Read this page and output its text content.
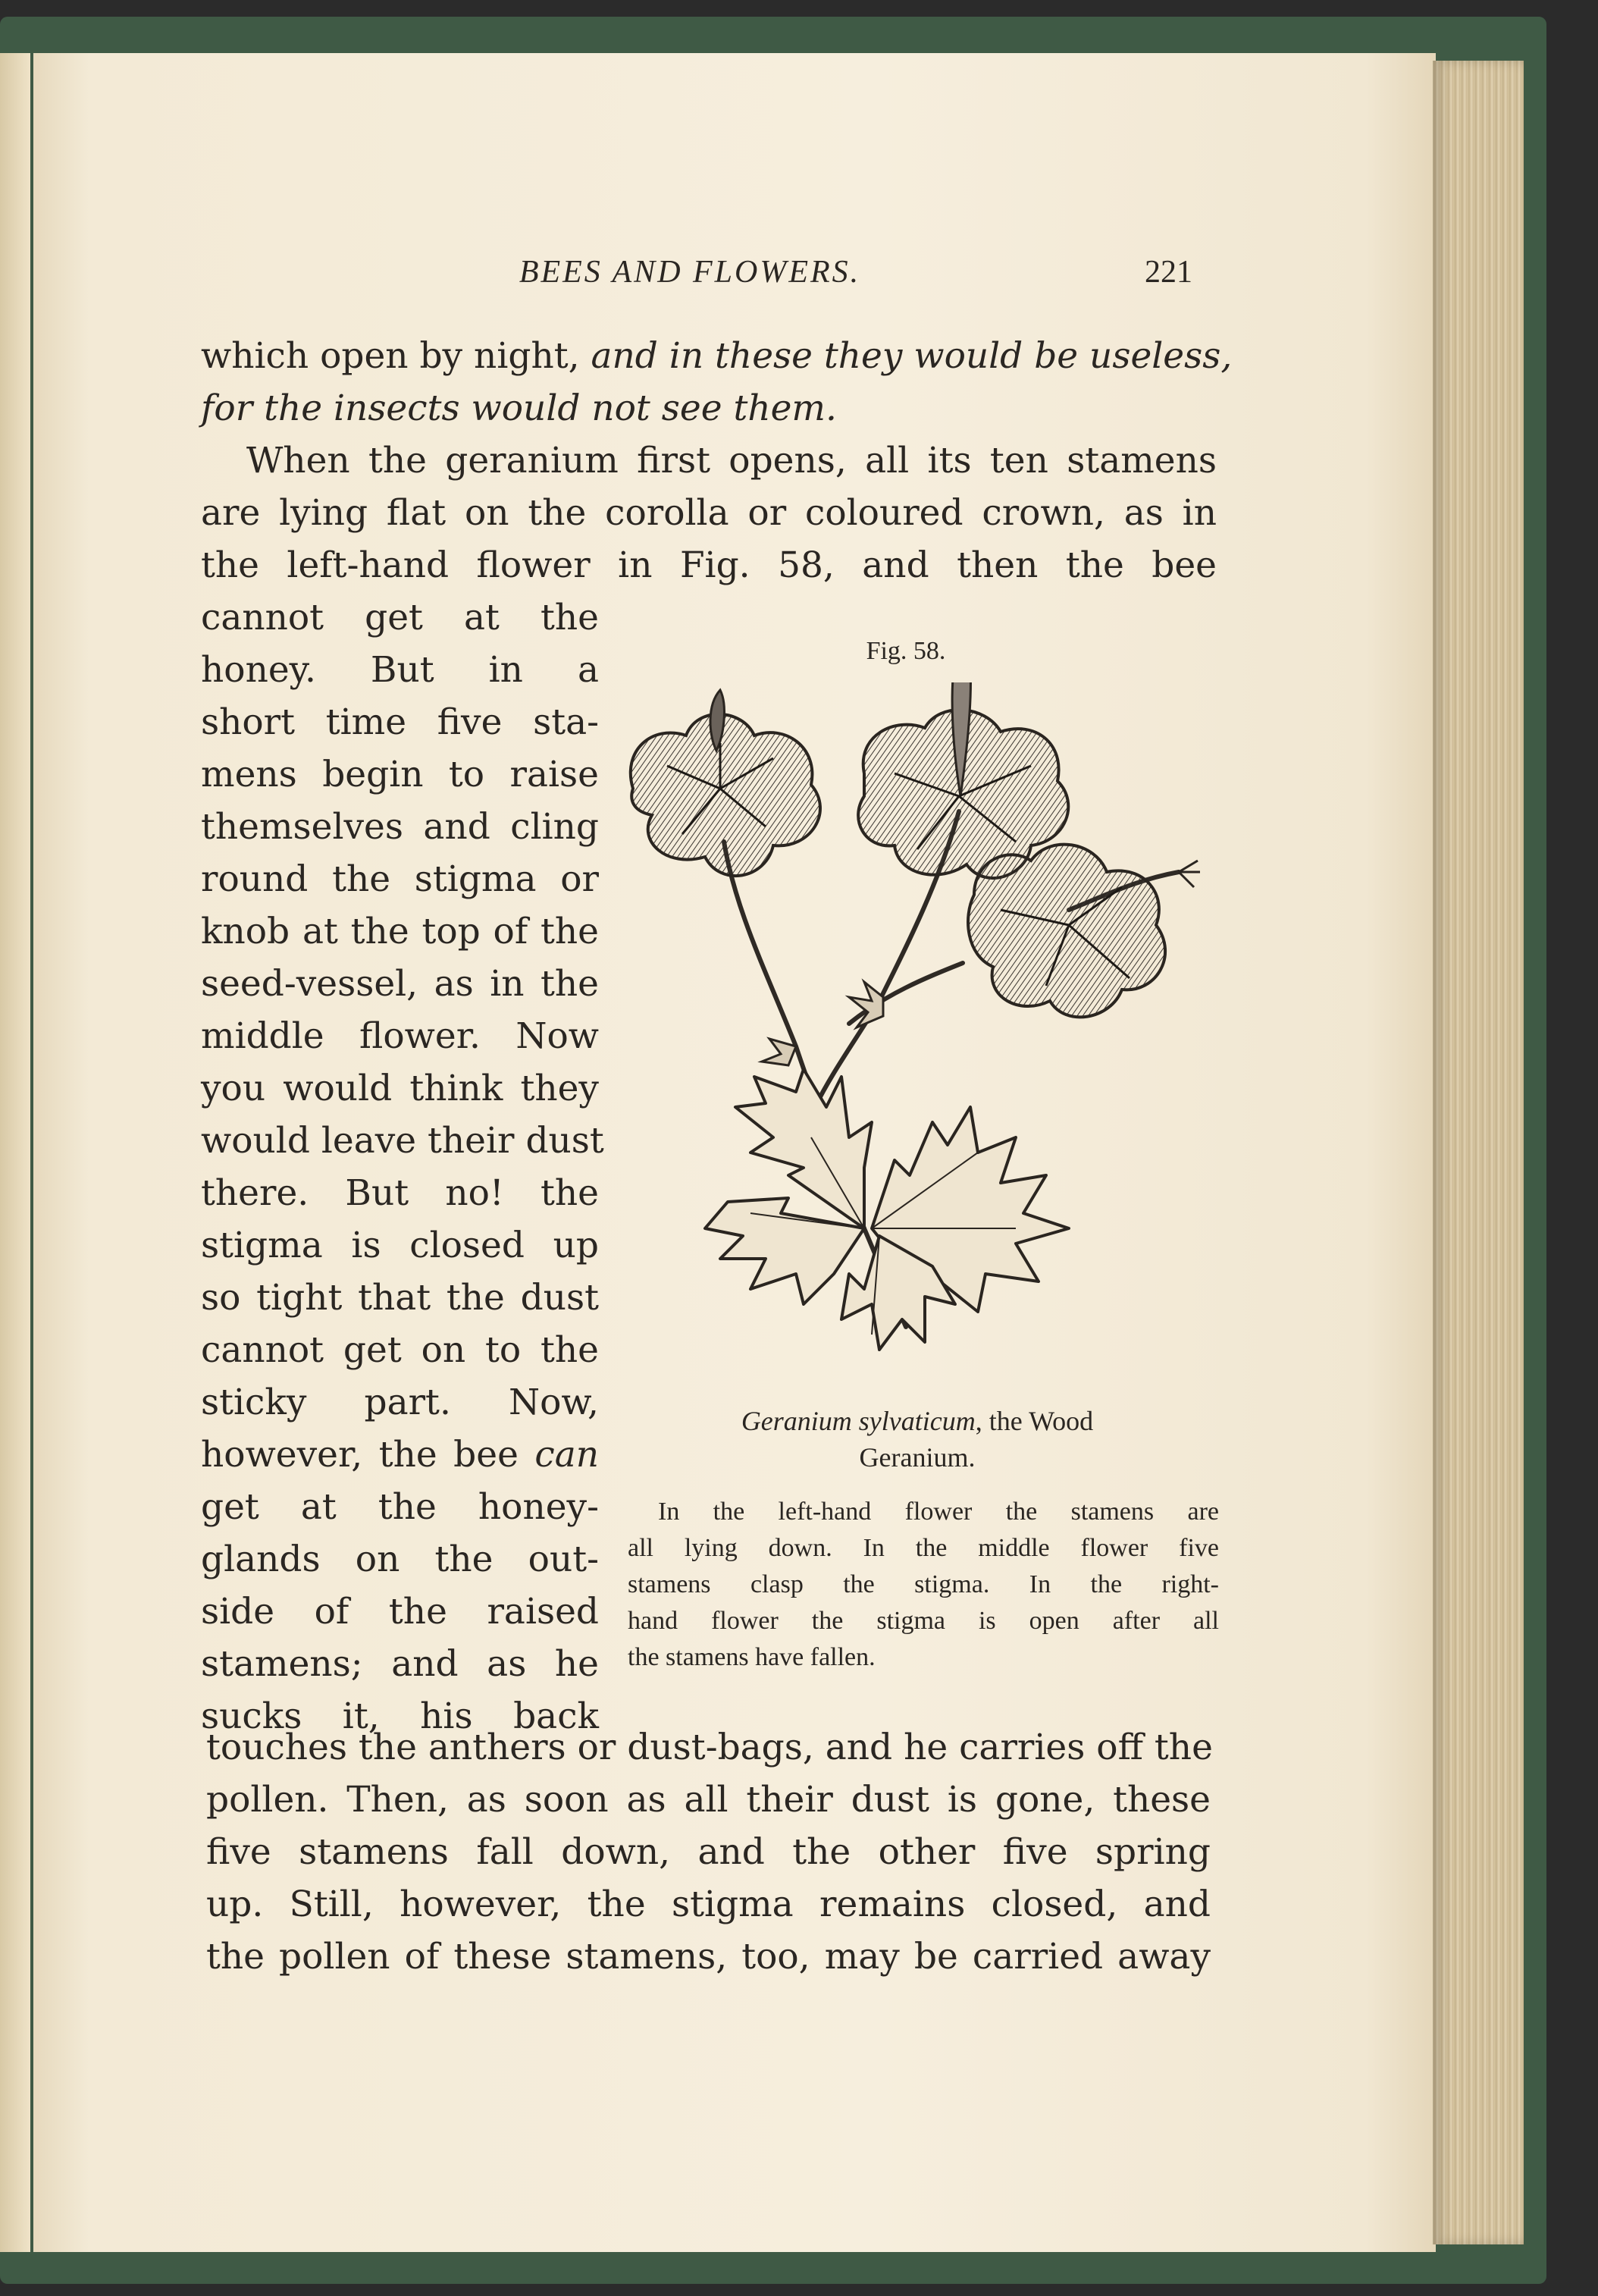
BEES AND FLOWERS.	221
which open by night, and in these they would be useless,
for the insects would not see them.
When the geranium first opens, all its ten stamens
are lying flat on the corolla or coloured crown, as in
the left-hand flower in Fig. 58, and then the bee
cannot get at the
honey. But in a
short time five sta-
mens begin to raise
themselves and cling
round the stigma or
knob at the top of the
seed-vessel, as in the
middle flower. Now
you would think they
would leave their dust
there. But no! the
stigma is closed up
so tight that the dust
cannot get on to the
sticky part. Now,
however, the bee can
get at the honey-
glands on the out-
side of the raised
stamens; and as he
sucks it, his back
Fig. 58.
Geranium sylvaticum, the Wood
Geranium.
In the left-hand flower the stamens are
all lying down. In the middle flower five
stamens clasp the stigma. In the right-
hand flower the stigma is open after all
the stamens have fallen.
touches the anthers or dust-bags, and he carries off the
pollen. Then, as soon as all their dust is gone, these
five stamens fall down, and the other five spring
up. Still, however, the stigma remains closed, and
the pollen of these stamens, too, may be carried away
